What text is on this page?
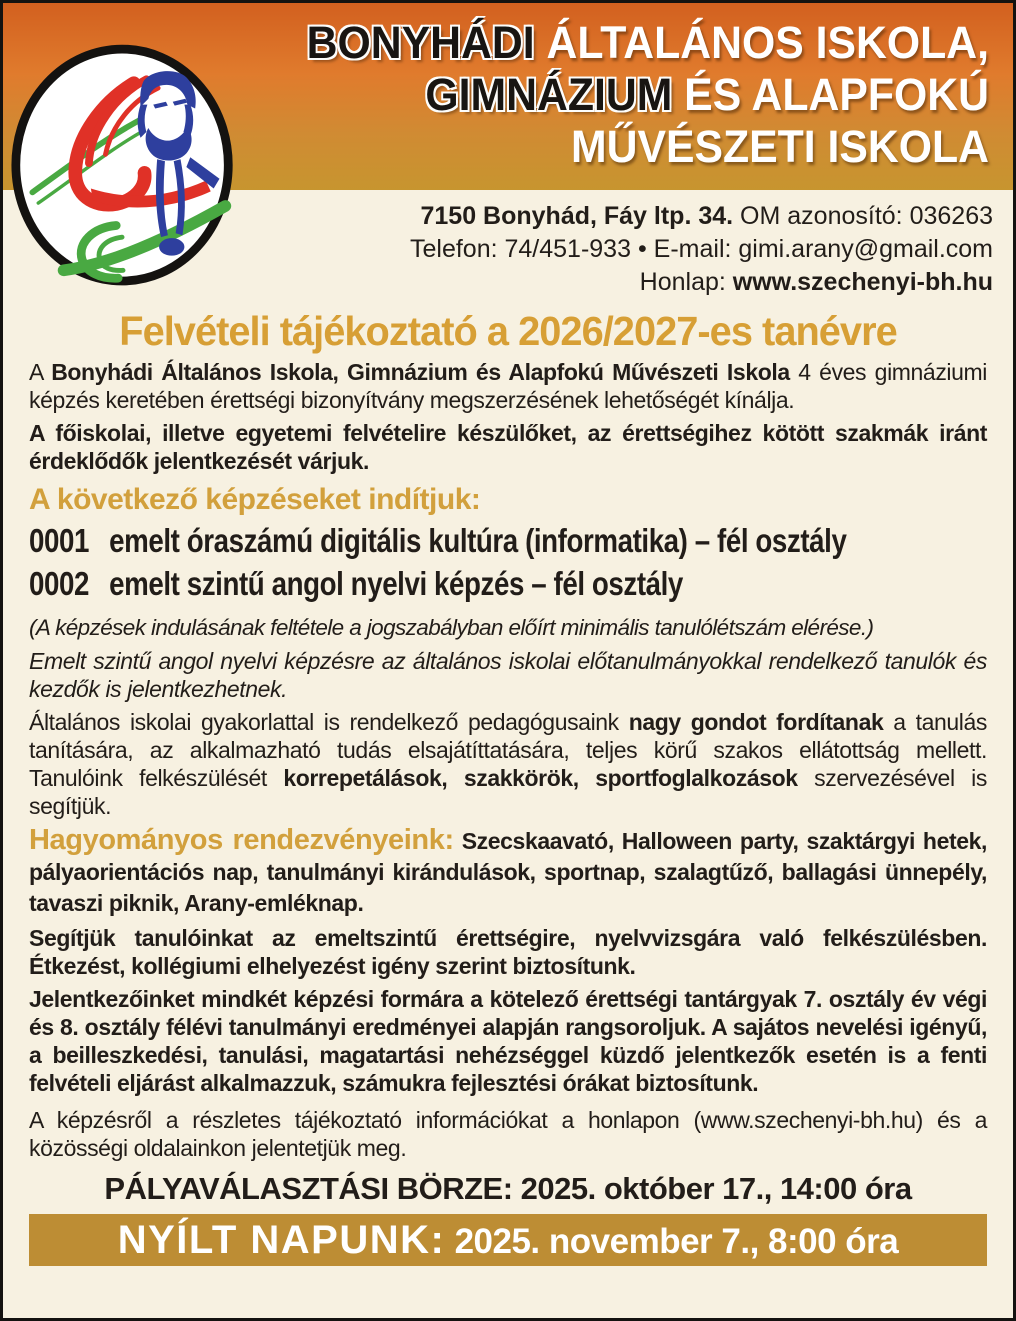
BONYHÁDI ÁLTALÁNOS ISKOLA,
GIMNÁZIUM ÉS ALAPFOKÚ
MŰVÉSZETI ISKOLA
7150 Bonyhád, Fáy ltp. 34. OM azonosító: 036263
Telefon: 74/451-933 • E-mail: gimi.arany@gmail.com
Honlap: www.szechenyi-bh.hu
Felvételi tájékoztató a 2026/2027-es tanévre

A Bonyhádi Általános Iskola, Gimnázium és Alapfokú Művészeti Iskola 4 éves gimnáziumi képzés keretében érettségi bizonyítvány megszerzésének lehetőségét kínálja.

A főiskolai, illetve egyetemi felvételire készülőket, az érettségihez kötött szakmák iránt érdeklődők jelentkezését várjuk.

A következő képzéseket indítjuk:
0001 emelt óraszámú digitális kultúra (informatika) – fél osztály
0002 emelt szintű angol nyelvi képzés – fél osztály

(A képzések indulásának feltétele a jogszabályban előírt minimális tanulólétszám elérése.)

Emelt szintű angol nyelvi képzésre az általános iskolai előtanulmányokkal rendelkező tanulók és kezdők is jelentkezhetnek.

Általános iskolai gyakorlattal is rendelkező pedagógusaink nagy gondot fordítanak a tanulás tanítására, az alkalmazható tudás elsajátíttatására, teljes körű szakos ellátottság mellett. Tanulóink felkészülését korrepetálások, szakkörök, sportfoglalkozások szervezésével is segítjük.

Hagyományos rendezvényeink: Szecskaavató, Halloween party, szaktárgyi hetek, pályaorientációs nap, tanulmányi kirándulások, sportnap, szalagtűző, ballagási ünnepély, tavaszi piknik, Arany-emléknap.

Segítjük tanulóinkat az emeltszintű érettségire, nyelvvizsgára való felkészülésben. Étkezést, kollégiumi elhelyezést igény szerint biztosítunk.

Jelentkezőinket mindkét képzési formára a kötelező érettségi tantárgyak 7. osztály év végi és 8. osztály félévi tanulmányi eredményei alapján rangsoroljuk. A sajátos nevelési igényű, a beilleszkedési, tanulási, magatartási nehézséggel küzdő jelentkezők esetén is a fenti felvételi eljárást alkalmazzuk, számukra fejlesztési órákat biztosítunk.

A képzésről a részletes tájékoztató információkat a honlapon (www.szechenyi-bh.hu) és a közösségi oldalainkon jelentetjük meg.

PÁLYAVÁLASZTÁSI BÖRZE: 2025. október 17., 14:00 óra
NYÍLT NAPUNK: 2025. november 7., 8:00 óra
